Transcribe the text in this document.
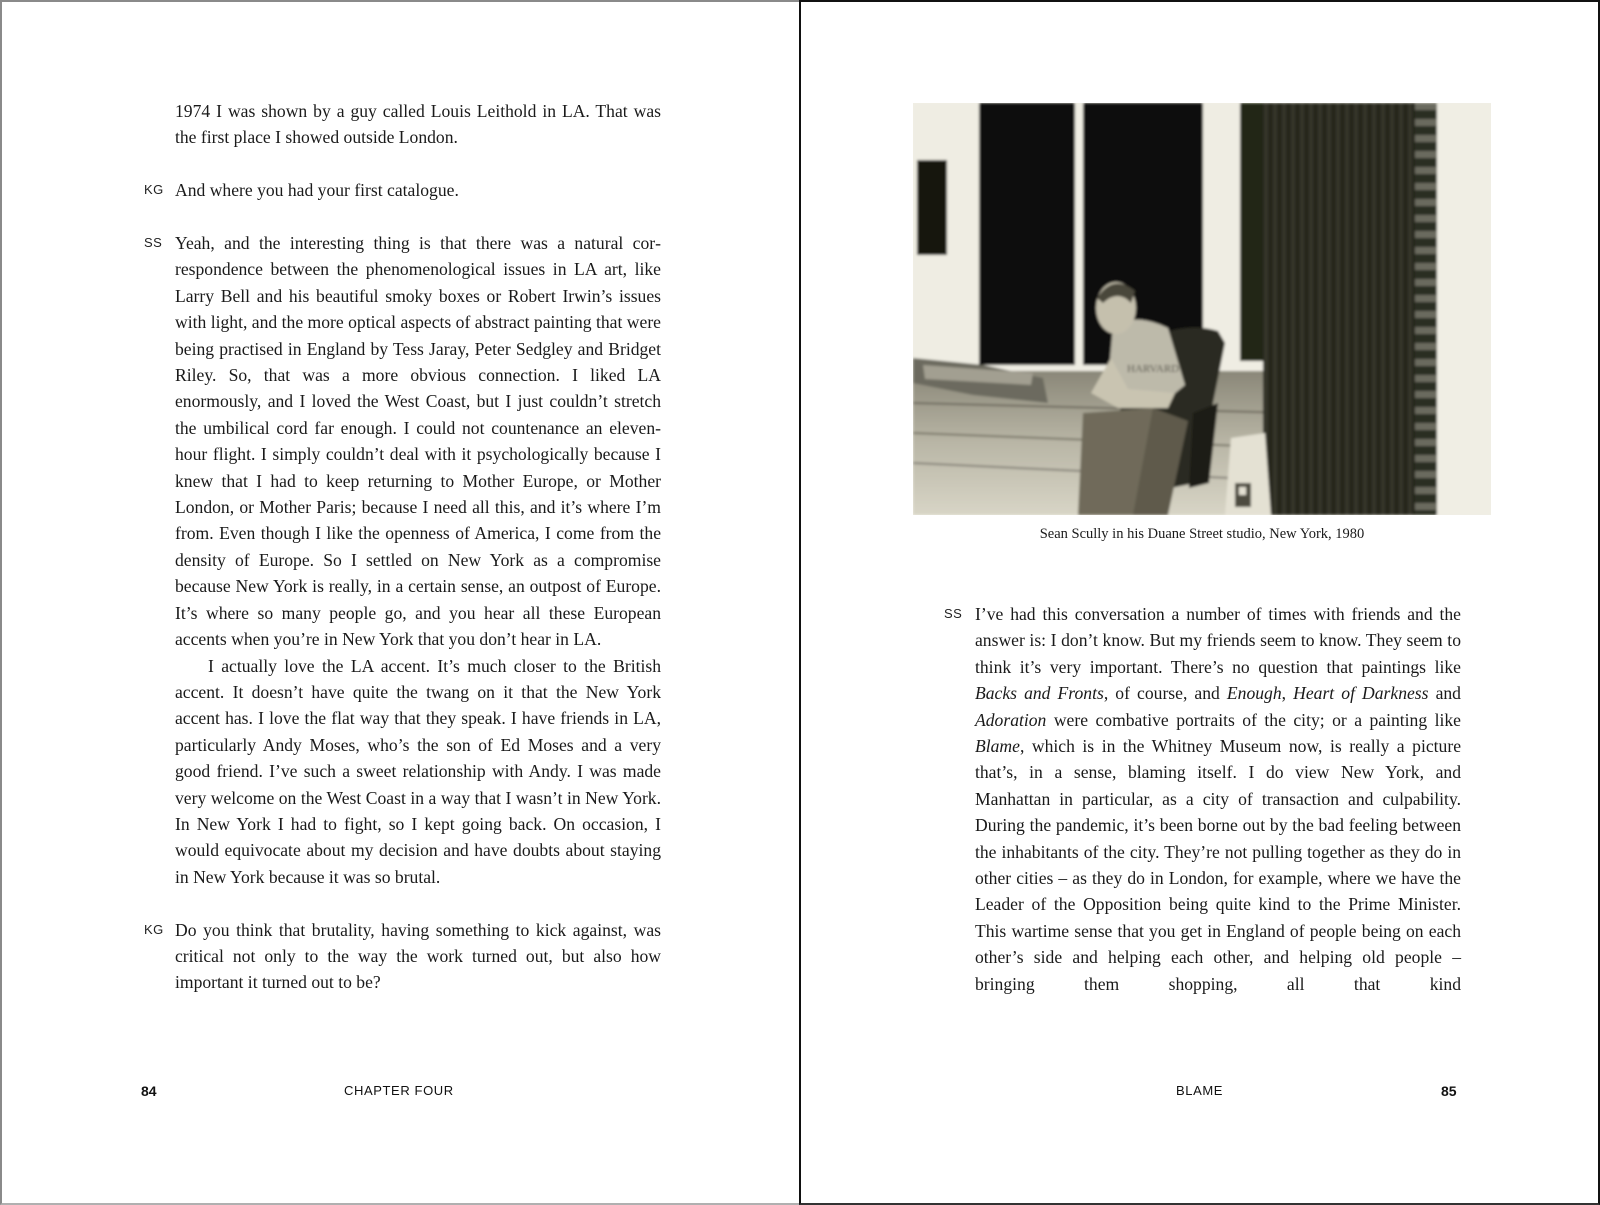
1974 I was shown by a guy called Louis Leithold in LA. That was the first place I showed outside London.

KG And where you had your first catalogue.

SS Yeah, and the interesting thing is that there was a natural correspondence between the phenomenological issues in LA art, like Larry Bell and his beautiful smoky boxes or Robert Irwin’s issues with light, and the more optical aspects of abstract painting that were being practised in England by Tess Jaray, Peter Sedgley and Bridget Riley. So, that was a more obvious connection. I liked LA enormously, and I loved the West Coast, but I just couldn’t stretch the umbilical cord far enough. I could not countenance an eleven-hour flight. I simply couldn’t deal with it psychologically because I knew that I had to keep returning to Mother Europe, or Mother London, or Mother Paris; because I need all this, and it’s where I’m from. Even though I like the openness of America, I come from the density of Europe. So I settled on New York as a compromise because New York is really, in a certain sense, an outpost of Europe. It’s where so many people go, and you hear all these European accents when you’re in New York that you don’t hear in LA.

I actually love the LA accent. It’s much closer to the British accent. It doesn’t have quite the twang on it that the New York accent has. I love the flat way that they speak. I have friends in LA, particularly Andy Moses, who’s the son of Ed Moses and a very good friend. I’ve such a sweet relationship with Andy. I was made very welcome on the West Coast in a way that I wasn’t in New York. In New York I had to fight, so I kept going back. On occasion, I would equivocate about my decision and have doubts about staying in New York because it was so brutal.

KG Do you think that brutality, having something to kick against, was critical not only to the way the work turned out, but also how important it turned out to be?

84	CHAPTER FOUR
HARVARD
Sean Scully in his Duane Street studio, New York, 1980
SS I’ve had this conversation a number of times with friends and the answer is: I don’t know. But my friends seem to know. They seem to think it’s very important. There’s no question that paintings like Backs and Fronts, of course, and Enough, Heart of Darkness and Adoration were combative portraits of the city; or a painting like Blame, which is in the Whitney Museum now, is really a picture that’s, in a sense, blaming itself. I do view New York, and Manhattan in particular, as a city of transaction and culpability. During the pandemic, it’s been borne out by the bad feeling between the inhabitants of the city. They’re not pulling together as they do in other cities – as they do in London, for example, where we have the Leader of the Opposition being quite kind to the Prime Minister. This wartime sense that you get in England of people being on each other’s side and helping each other, and helping old people – bringing them shopping, all that kind

BLAME	85
